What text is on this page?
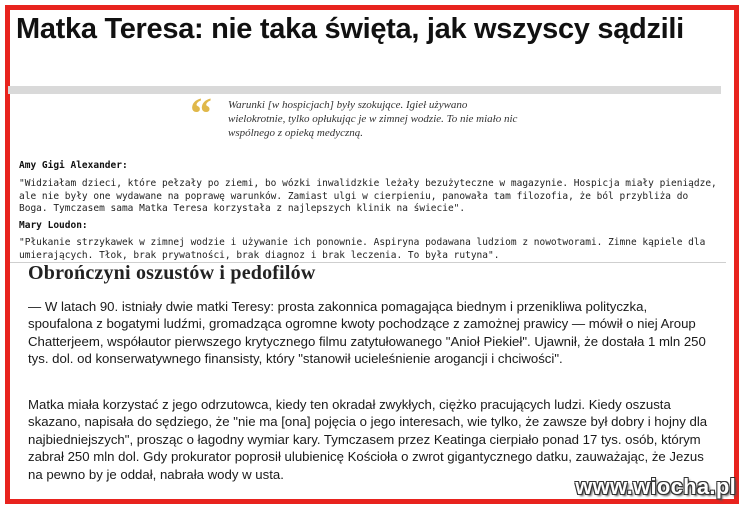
Matka Teresa: nie taka święta, jak wszyscy sądzili
“ Warunki [w hospicjach] były szokujące. Igieł używano wielokrotnie, tylko opłukując je w zimnej wodzie. To nie miało nic wspólnego z opieką medyczną.
Amy Gigi Alexander:

"Widziałam dzieci, które pełzały po ziemi, bo wózki inwalidzkie leżały bezużyteczne w magazynie. Hospicja miały pieniądze, ale nie były one wydawane na poprawę warunków. Zamiast ulgi w cierpieniu, panowała tam filozofia, że ból przybliża do Boga. Tymczasem sama Matka Teresa korzystała z najlepszych klinik na świecie".

Mary Loudon:

"Płukanie strzykawek w zimnej wodzie i używanie ich ponownie. Aspiryna podawana ludziom z nowotworami. Zimne kąpiele dla umierających. Tłok, brak prywatności, brak diagnoz i brak leczenia. To była rutyna".

Obrończyni oszustów i pedofilów

— W latach 90. istniały dwie matki Teresy: prosta zakonnica pomagająca biednym i przenikliwa polityczka, spoufalona z bogatymi ludźmi, gromadząca ogromne kwoty pochodzące z zamożnej prawicy — mówił o niej Aroup Chatterjeem, współautor pierwszego krytycznego filmu zatytułowanego "Anioł Piekieł". Ujawnił, że dostała 1 mln 250 tys. dol. od konserwatywnego finansisty, który "stanowił ucieleśnienie arogancji i chciwości".

Matka miała korzystać z jego odrzutowca, kiedy ten okradał zwykłych, ciężko pracujących ludzi. Kiedy oszusta skazano, napisała do sędziego, że "nie ma [ona] pojęcia o jego interesach, wie tylko, że zawsze był dobry i hojny dla najbiedniejszych", prosząc o łagodny wymiar kary. Tymczasem przez Keatinga cierpiało ponad 17 tys. osób, którym zabrał 250 mln dol. Gdy prokurator poprosił ulubienicę Kościoła o zwrot gigantycznego datku, zauważając, że Jezus na pewno by je oddał, nabrała wody w usta.	www.wiocha.pl
